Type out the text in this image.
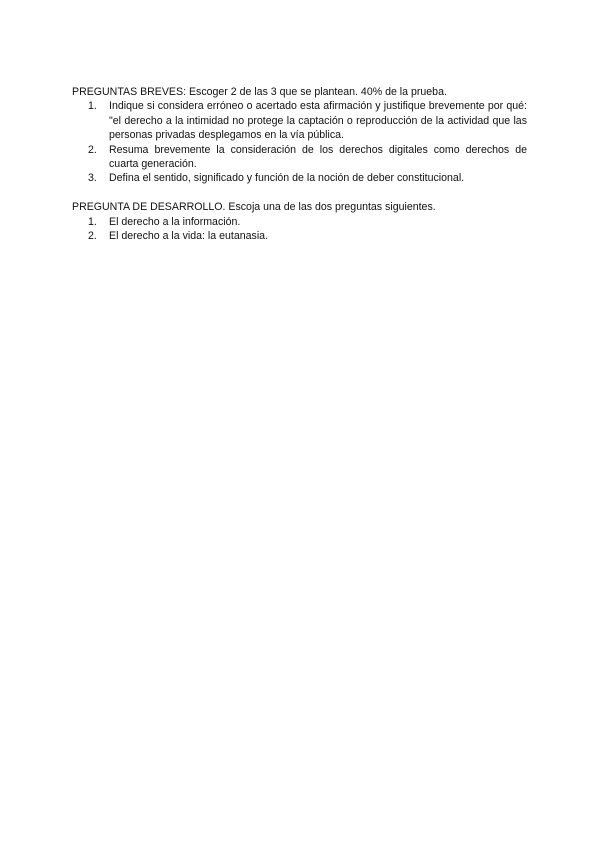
PREGUNTAS BREVES: Escoger 2 de las 3 que se plantean. 40% de la prueba.

1. Indique si considera erróneo o acertado esta afirmación y justifique brevemente por qué: "el derecho a la intimidad no protege la captación o reproducción de la actividad que las personas privadas desplegamos en la vía pública.
2. Resuma brevemente la consideración de los derechos digitales como derechos de cuarta generación.
3. Defina el sentido, significado y función de la noción de deber constitucional.

PREGUNTA DE DESARROLLO. Escoja una de las dos preguntas siguientes.

1. El derecho a la información.
2. El derecho a la vida: la eutanasia.
